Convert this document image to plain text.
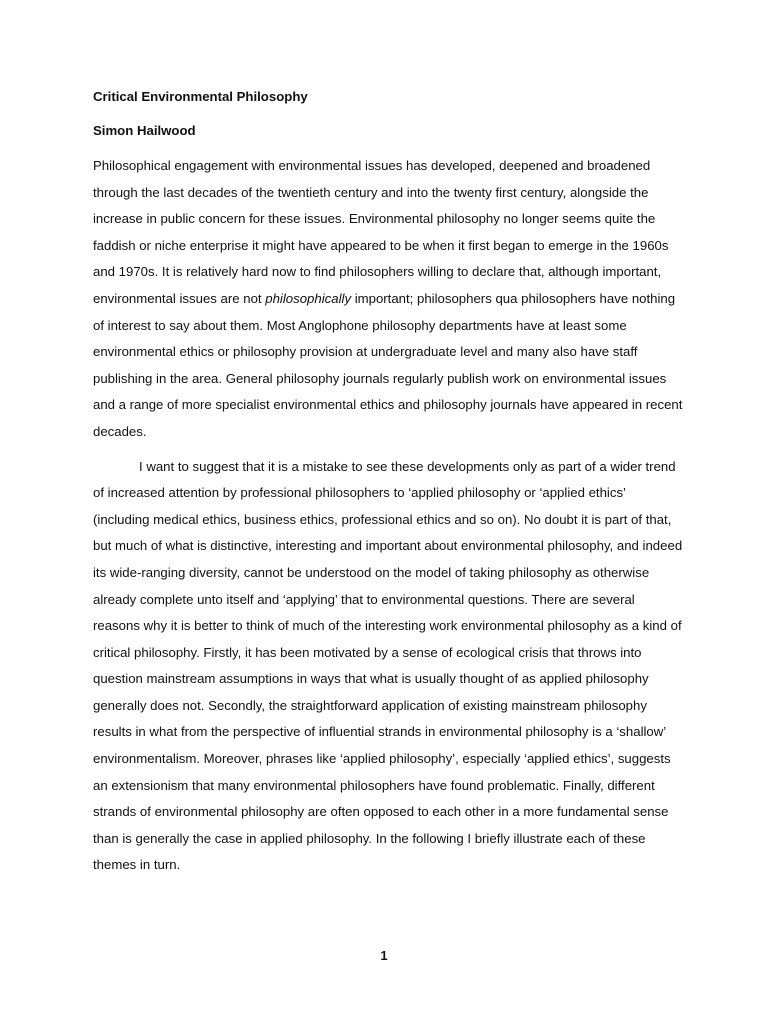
Critical Environmental Philosophy

Simon Hailwood

Philosophical engagement with environmental issues has developed, deepened and broadened through the last decades of the twentieth century and into the twenty first century, alongside the increase in public concern for these issues. Environmental philosophy no longer seems quite the faddish or niche enterprise it might have appeared to be when it first began to emerge in the 1960s and 1970s. It is relatively hard now to find philosophers willing to declare that, although important, environmental issues are not philosophically important; philosophers qua philosophers have nothing of interest to say about them. Most Anglophone philosophy departments have at least some environmental ethics or philosophy provision at undergraduate level and many also have staff publishing in the area. General philosophy journals regularly publish work on environmental issues and a range of more specialist environmental ethics and philosophy journals have appeared in recent decades.

I want to suggest that it is a mistake to see these developments only as part of a wider trend of increased attention by professional philosophers to ‘applied philosophy or ‘applied ethics’ (including medical ethics, business ethics, professional ethics and so on). No doubt it is part of that, but much of what is distinctive, interesting and important about environmental philosophy, and indeed its wide-ranging diversity, cannot be understood on the model of taking philosophy as otherwise already complete unto itself and ‘applying’ that to environmental questions. There are several reasons why it is better to think of much of the interesting work environmental philosophy as a kind of critical philosophy. Firstly, it has been motivated by a sense of ecological crisis that throws into question mainstream assumptions in ways that what is usually thought of as applied philosophy generally does not. Secondly, the straightforward application of existing mainstream philosophy results in what from the perspective of influential strands in environmental philosophy is a ‘shallow’ environmentalism. Moreover, phrases like ‘applied philosophy’, especially ‘applied ethics’, suggests an extensionism that many environmental philosophers have found problematic. Finally, different strands of environmental philosophy are often opposed to each other in a more fundamental sense than is generally the case in applied philosophy. In the following I briefly illustrate each of these themes in turn.

1
